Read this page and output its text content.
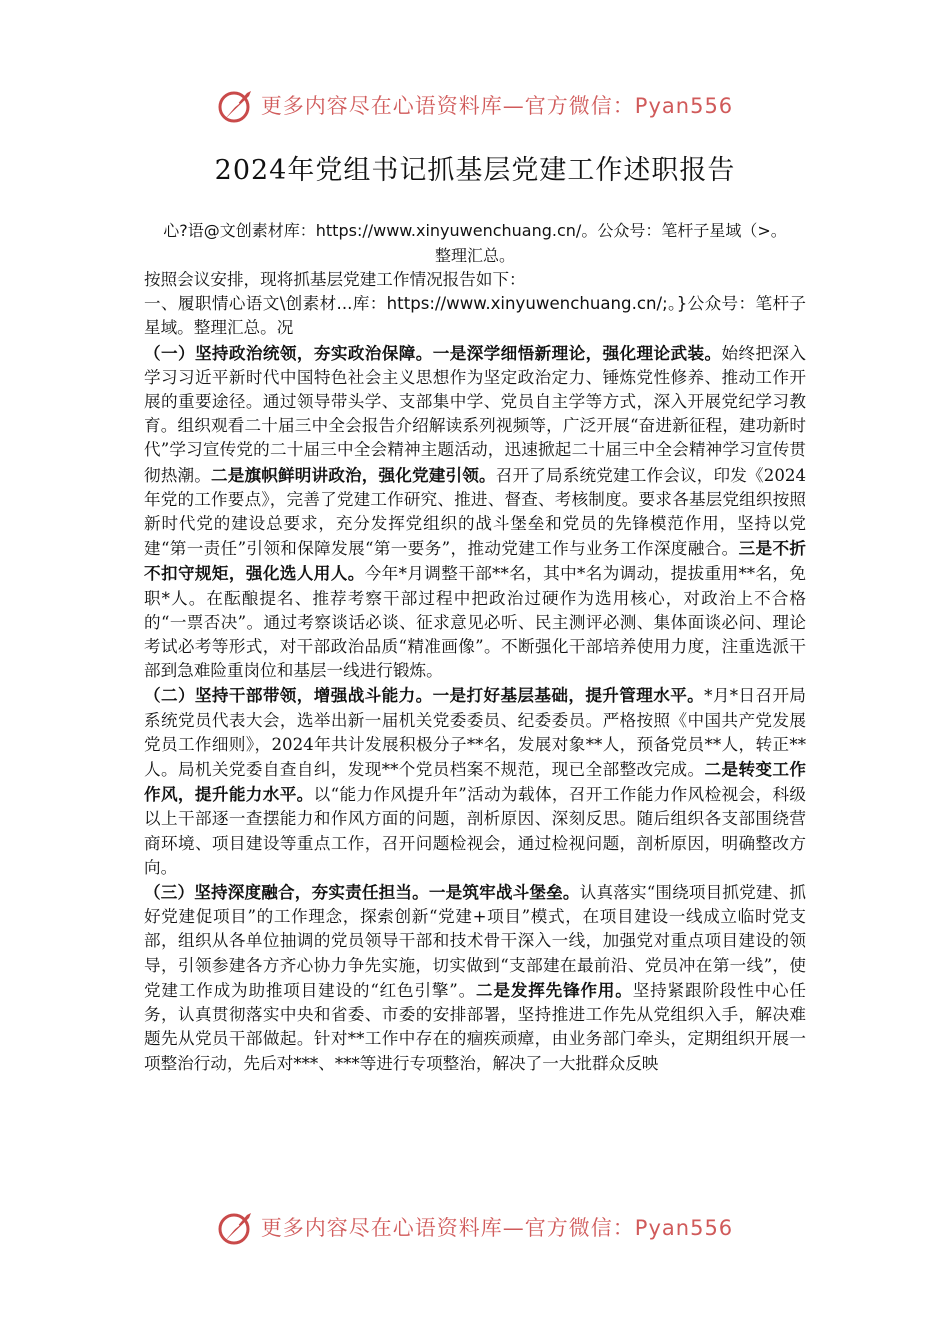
更多内容尽在心语资料库—官方微信：Pyan556
2024年党组书记抓基层党建工作述职报告

心?语@文创素材库：https://www.xinyuwenchuang.cn/。公众号：笔杆子星域（>。

整理汇总。

按照会议安排，现将抓基层党建工作情况报告如下：

一、履职情心语文\创素材...库：https://www.xinyuwenchuang.cn/;。}公众号：笔杆子星域。整理汇总。况

（一）坚持政治统领，夯实政治保障。一是深学细悟新理论，强化理论武装。始终把深入学习习近平新时代中国特色社会主义思想作为坚定政治定力、锤炼党性修养、推动工作开展的重要途径。通过领导带头学、支部集中学、党员自主学等方式，深入开展党纪学习教育。组织观看二十届三中全会报告介绍解读系列视频等，广泛开展“奋进新征程，建功新时代”学习宣传党的二十届三中全会精神主题活动，迅速掀起二十届三中全会精神学习宣传贯彻热潮。二是旗帜鲜明讲政治，强化党建引领。召开了局系统党建工作会议，印发《2024年党的工作要点》，完善了党建工作研究、推进、督查、考核制度。要求各基层党组织按照新时代党的建设总要求，充分发挥党组织的战斗堡垒和党员的先锋模范作用，坚持以党建“第一责任”引领和保障发展“第一要务”，推动党建工作与业务工作深度融合。三是不折不扣守规矩，强化选人用人。今年*月调整干部**名，其中*名为调动，提拔重用**名，免职*人。在酝酿提名、推荐考察干部过程中把政治过硬作为选用核心，对政治上不合格的“一票否决”。通过考察谈话必谈、征求意见必听、民主测评必测、集体面谈必问、理论考试必考等形式，对干部政治品质“精准画像”。不断强化干部培养使用力度，注重选派干部到急难险重岗位和基层一线进行锻炼。

（二）坚持干部带领，增强战斗能力。一是打好基层基础，提升管理水平。*月*日召开局系统党员代表大会，选举出新一届机关党委委员、纪委委员。严格按照《中国共产党发展党员工作细则》，2024年共计发展积极分子**名，发展对象**人，预备党员**人，转正**人。局机关党委自查自纠，发现**个党员档案不规范，现已全部整改完成。二是转变工作作风，提升能力水平。以“能力作风提升年”活动为载体，召开工作能力作风检视会，科级以上干部逐一查摆能力和作风方面的问题，剖析原因、深刻反思。随后组织各支部围绕营商环境、项目建设等重点工作，召开问题检视会，通过检视问题，剖析原因，明确整改方向。

（三）坚持深度融合，夯实责任担当。一是筑牢战斗堡垒。认真落实“围绕项目抓党建、抓好党建促项目”的工作理念，探索创新“党建+项目”模式，在项目建设一线成立临时党支部，组织从各单位抽调的党员领导干部和技术骨干深入一线，加强党对重点项目建设的领导，引领参建各方齐心协力争先实施，切实做到“支部建在最前沿、党员冲在第一线”，使党建工作成为助推项目建设的“红色引擎”。二是发挥先锋作用。坚持紧跟阶段性中心任务，认真贯彻落实中央和省委、市委的安排部署，坚持推进工作先从党组织入手，解决难题先从党员干部做起。针对**工作中存在的痼疾顽瘴，由业务部门牵头，定期组织开展一项整治行动，先后对***、***等进行专项整治，解决了一大批群众反映

更多内容尽在心语资料库—官方微信：Pyan556
